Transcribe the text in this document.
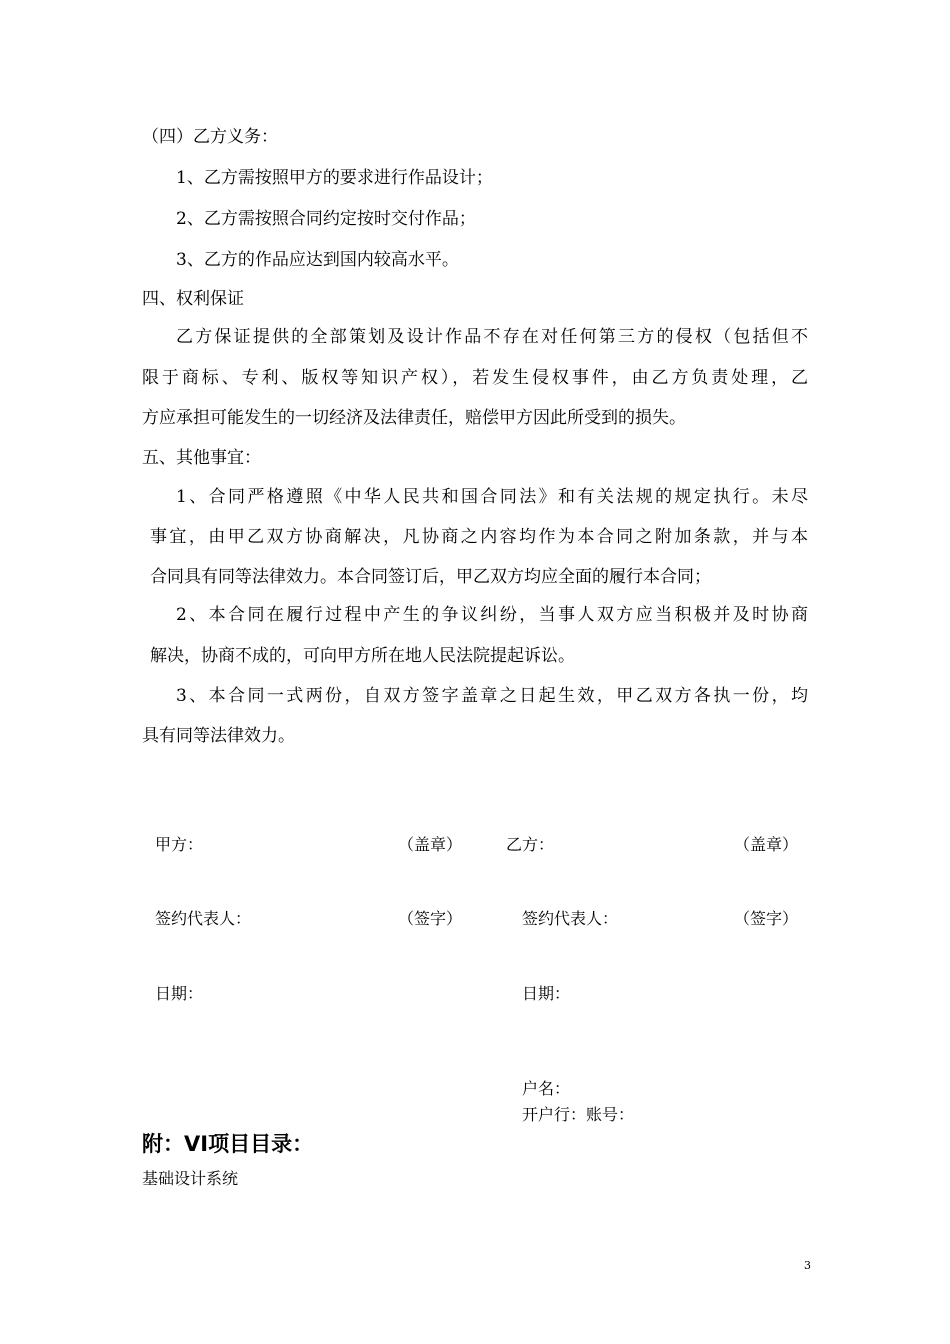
（四）乙方义务：
1、乙方需按照甲方的要求进行作品设计；
2、乙方需按照合同约定按时交付作品；
3、乙方的作品应达到国内较高水平。
四、权利保证
乙方保证提供的全部策划及设计作品不存在对任何第三方的侵权（包括但不
限于商标、专利、版权等知识产权），若发生侵权事件，由乙方负责处理，乙
方应承担可能发生的一切经济及法律责任，赔偿甲方因此所受到的损失。
五、其他事宜：
1、合同严格遵照《中华人民共和国合同法》和有关法规的规定执行。未尽
事宜，由甲乙双方协商解决，凡协商之内容均作为本合同之附加条款，并与本
合同具有同等法律效力。本合同签订后，甲乙双方均应全面的履行本合同；
2、本合同在履行过程中产生的争议纠纷，当事人双方应当积极并及时协商
解决，协商不成的，可向甲方所在地人民法院提起诉讼。
3、本合同一式两份，自双方签字盖章之日起生效，甲乙双方各执一份，均
具有同等法律效力。
甲方：	（盖章）	乙方：	（盖章）
签约代表人：	（签字）	签约代表人：	（签字）
日期：	日期：
户名：
开户行：账号：
附：VI项目目录：
基础设计系统
3
